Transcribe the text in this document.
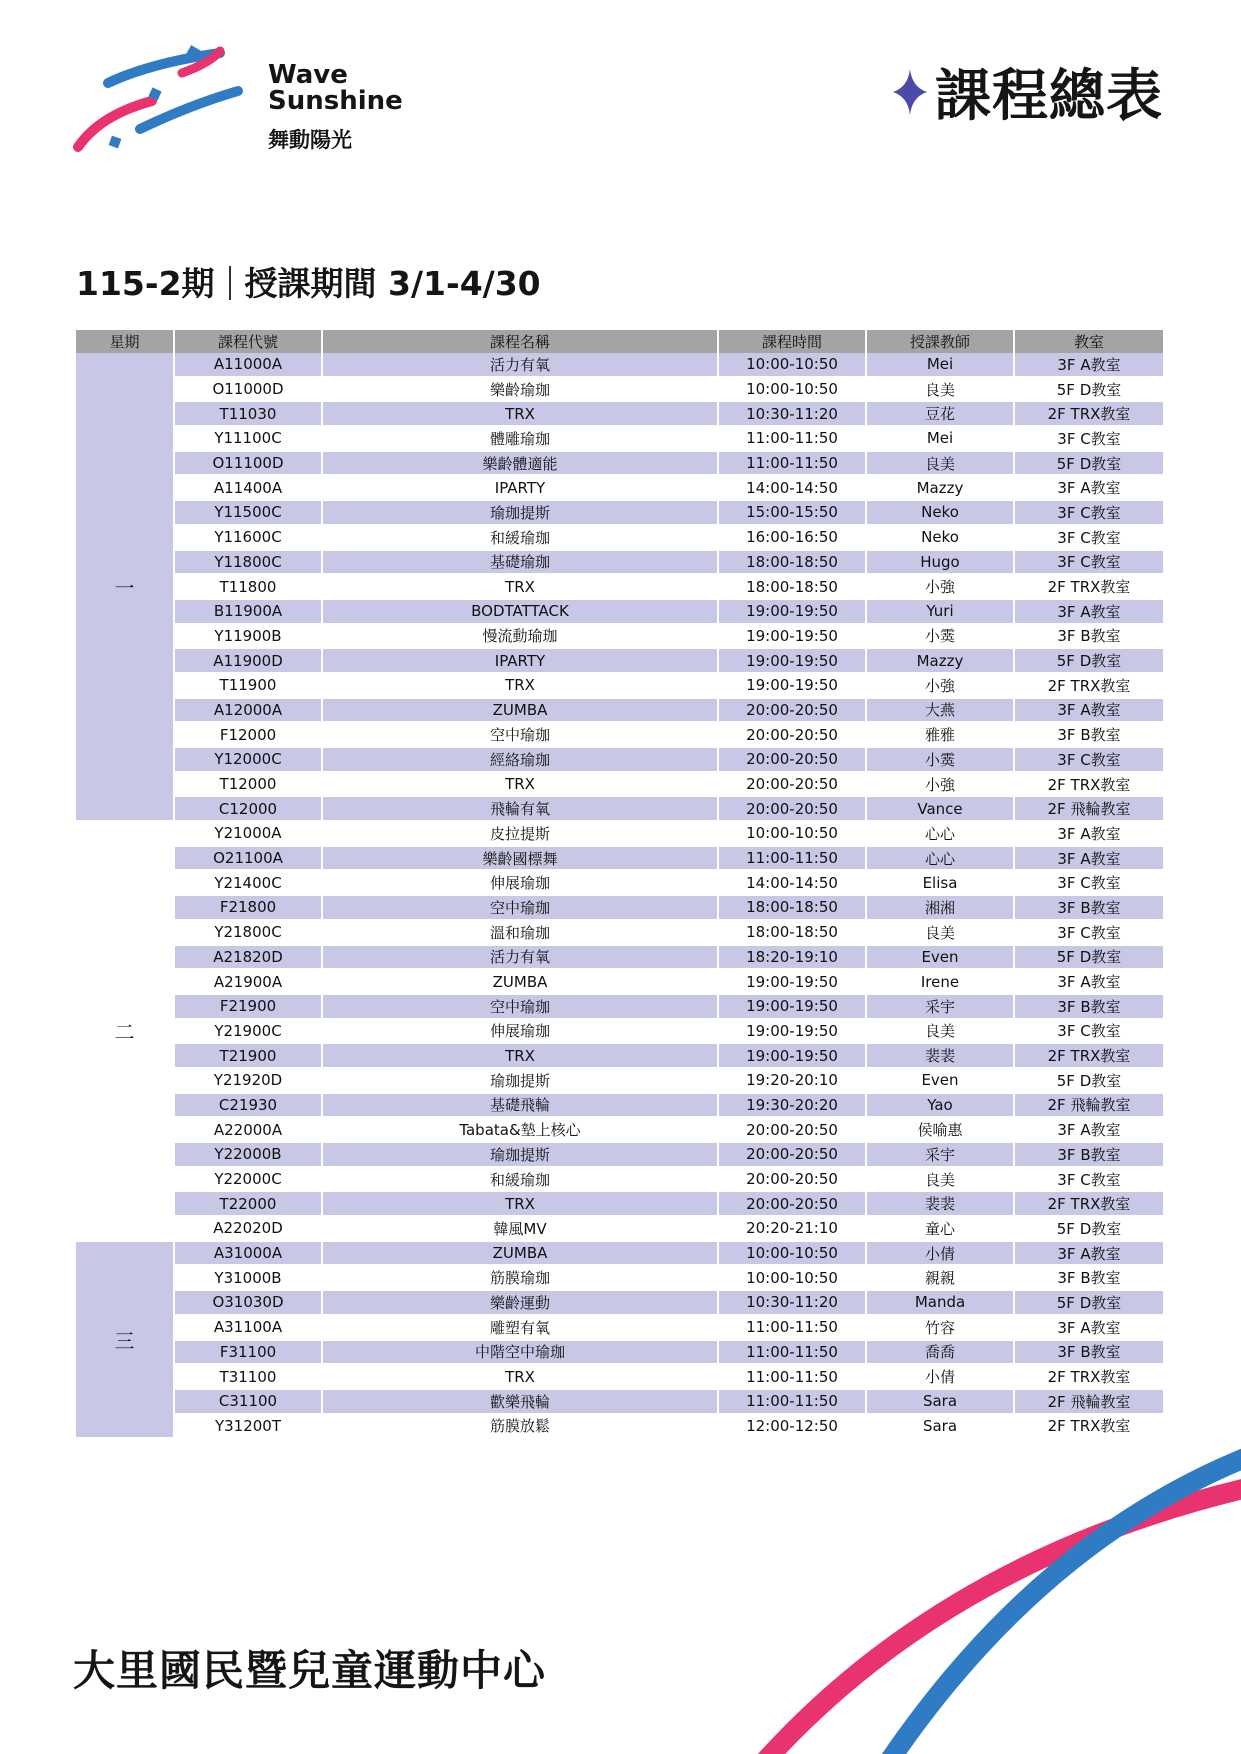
Wave
Sunshine
舞動陽光
課程總表
115-2期 授課期間 3/1-4/30
星期	課程代號	課程名稱	課程時間	授課教師	教室
一	A11000A	活力有氧	10:00-10:50	Mei	3F A教室
	O11000D	樂齡瑜珈	10:00-10:50	良美	5F D教室
	T11030	TRX	10:30-11:20	豆花	2F TRX教室
	Y11100C	體雕瑜珈	11:00-11:50	Mei	3F C教室
	O11100D	樂齡體適能	11:00-11:50	良美	5F D教室
	A11400A	IPARTY	14:00-14:50	Mazzy	3F A教室
	Y11500C	瑜珈提斯	15:00-15:50	Neko	3F C教室
	Y11600C	和緩瑜珈	16:00-16:50	Neko	3F C教室
	Y11800C	基礎瑜珈	18:00-18:50	Hugo	3F C教室
	T11800	TRX	18:00-18:50	小強	2F TRX教室
	B11900A	BODTATTACK	19:00-19:50	Yuri	3F A教室
	Y11900B	慢流動瑜珈	19:00-19:50	小霙	3F B教室
	A11900D	IPARTY	19:00-19:50	Mazzy	5F D教室
	T11900	TRX	19:00-19:50	小強	2F TRX教室
	A12000A	ZUMBA	20:00-20:50	大燕	3F A教室
	F12000	空中瑜珈	20:00-20:50	雅雅	3F B教室
	Y12000C	經絡瑜珈	20:00-20:50	小霙	3F C教室
	T12000	TRX	20:00-20:50	小強	2F TRX教室
	C12000	飛輪有氧	20:00-20:50	Vance	2F 飛輪教室
二	Y21000A	皮拉提斯	10:00-10:50	心心	3F A教室
	O21100A	樂齡國標舞	11:00-11:50	心心	3F A教室
	Y21400C	伸展瑜珈	14:00-14:50	Elisa	3F C教室
	F21800	空中瑜珈	18:00-18:50	湘湘	3F B教室
	Y21800C	溫和瑜珈	18:00-18:50	良美	3F C教室
	A21820D	活力有氧	18:20-19:10	Even	5F D教室
	A21900A	ZUMBA	19:00-19:50	Irene	3F A教室
	F21900	空中瑜珈	19:00-19:50	采宇	3F B教室
	Y21900C	伸展瑜珈	19:00-19:50	良美	3F C教室
	T21900	TRX	19:00-19:50	裴裴	2F TRX教室
	Y21920D	瑜珈提斯	19:20-20:10	Even	5F D教室
	C21930	基礎飛輪	19:30-20:20	Yao	2F 飛輪教室
	A22000A	Tabata&墊上核心	20:00-20:50	侯喻惠	3F A教室
	Y22000B	瑜珈提斯	20:00-20:50	采宇	3F B教室
	Y22000C	和緩瑜珈	20:00-20:50	良美	3F C教室
	T22000	TRX	20:00-20:50	裴裴	2F TRX教室
	A22020D	韓風MV	20:20-21:10	童心	5F D教室
三	A31000A	ZUMBA	10:00-10:50	小倩	3F A教室
	Y31000B	筋膜瑜珈	10:00-10:50	親親	3F B教室
	O31030D	樂齡運動	10:30-11:20	Manda	5F D教室
	A31100A	雕塑有氧	11:00-11:50	竹容	3F A教室
	F31100	中階空中瑜珈	11:00-11:50	喬喬	3F B教室
	T31100	TRX	11:00-11:50	小倩	2F TRX教室
	C31100	歡樂飛輪	11:00-11:50	Sara	2F 飛輪教室
	Y31200T	筋膜放鬆	12:00-12:50	Sara	2F TRX教室
大里國民暨兒童運動中心
